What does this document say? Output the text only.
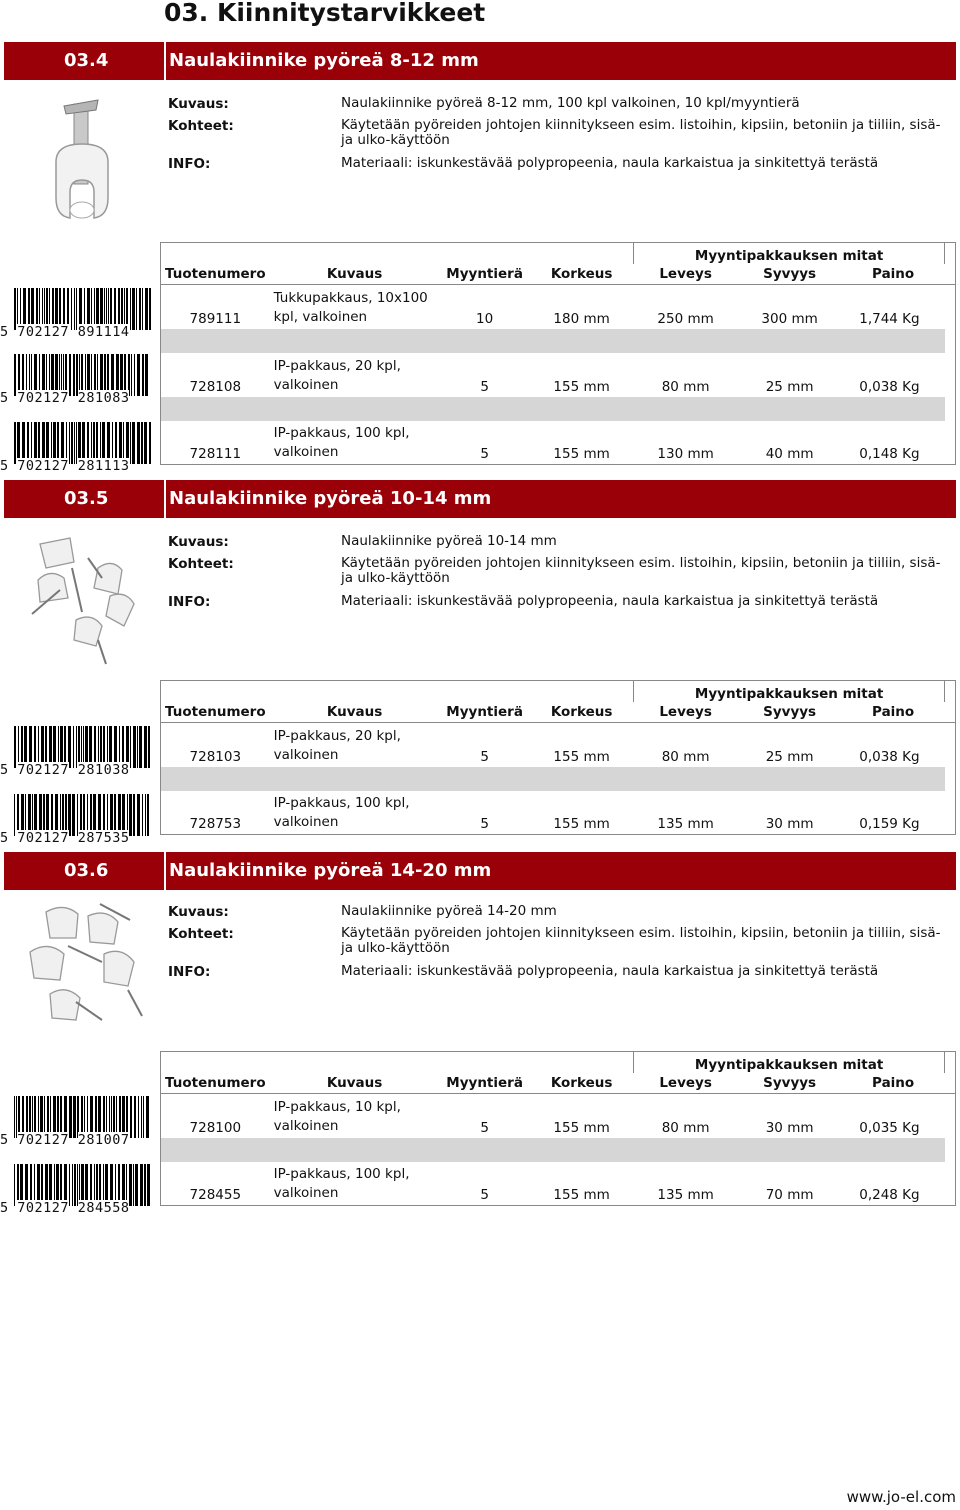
03. Kiinnitystarvikkeet
03.4	Naulakiinnike pyöreä 8-12 mm
Kuvaus:	Naulakiinnike pyöreä 8-12 mm, 100 kpl valkoinen, 10 kpl/myyntierä
Kohteet:	Käytetään pyöreiden johtojen kiinnitykseen esim. listoihin, kipsiin, betoniin ja tiiliin, sisä- ja ulko-käyttöön
INFO:	Materiaali: iskunkestävää polypropeenia, naula karkaistua ja sinkitettyä terästä
				Myyntipakkauksen mitat			
Tuotenumero	Kuvaus	Myyntierä	Korkeus	Leveys	Syvyys	Paino	
789111	Tukkupakkaus, 10x100 kpl, valkoinen	10	180 mm	250 mm	300 mm	1,744 Kg	

728108	IP-pakkaus, 20 kpl, valkoinen	5	155 mm	80 mm	25 mm	0,038 Kg	

728111	IP-pakkaus, 100 kpl, valkoinen	5	155 mm	130 mm	40 mm	0,148 Kg	
5 702127 891114
5 702127 281083
5 702127 281113
03.5	Naulakiinnike pyöreä 10-14 mm
Kuvaus:	Naulakiinnike pyöreä 10-14 mm
Kohteet:	Käytetään pyöreiden johtojen kiinnitykseen esim. listoihin, kipsiin, betoniin ja tiiliin, sisä- ja ulko-käyttöön
INFO:	Materiaali: iskunkestävää polypropeenia, naula karkaistua ja sinkitettyä terästä
				Myyntipakkauksen mitat			
Tuotenumero	Kuvaus	Myyntierä	Korkeus	Leveys	Syvyys	Paino	
728103	IP-pakkaus, 20 kpl, valkoinen	5	155 mm	80 mm	25 mm	0,038 Kg	

728753	IP-pakkaus, 100 kpl, valkoinen	5	155 mm	135 mm	30 mm	0,159 Kg	
5 702127 281038
5 702127 287535
03.6	Naulakiinnike pyöreä 14-20 mm
Kuvaus:	Naulakiinnike pyöreä 14-20 mm
Kohteet:	Käytetään pyöreiden johtojen kiinnitykseen esim. listoihin, kipsiin, betoniin ja tiiliin, sisä- ja ulko-käyttöön
INFO:	Materiaali: iskunkestävää polypropeenia, naula karkaistua ja sinkitettyä terästä
				Myyntipakkauksen mitat			
Tuotenumero	Kuvaus	Myyntierä	Korkeus	Leveys	Syvyys	Paino	
728100	IP-pakkaus, 10 kpl, valkoinen	5	155 mm	80 mm	30 mm	0,035 Kg	

728455	IP-pakkaus, 100 kpl, valkoinen	5	155 mm	135 mm	70 mm	0,248 Kg	
5 702127 281007
5 702127 284558
www.jo-el.com
